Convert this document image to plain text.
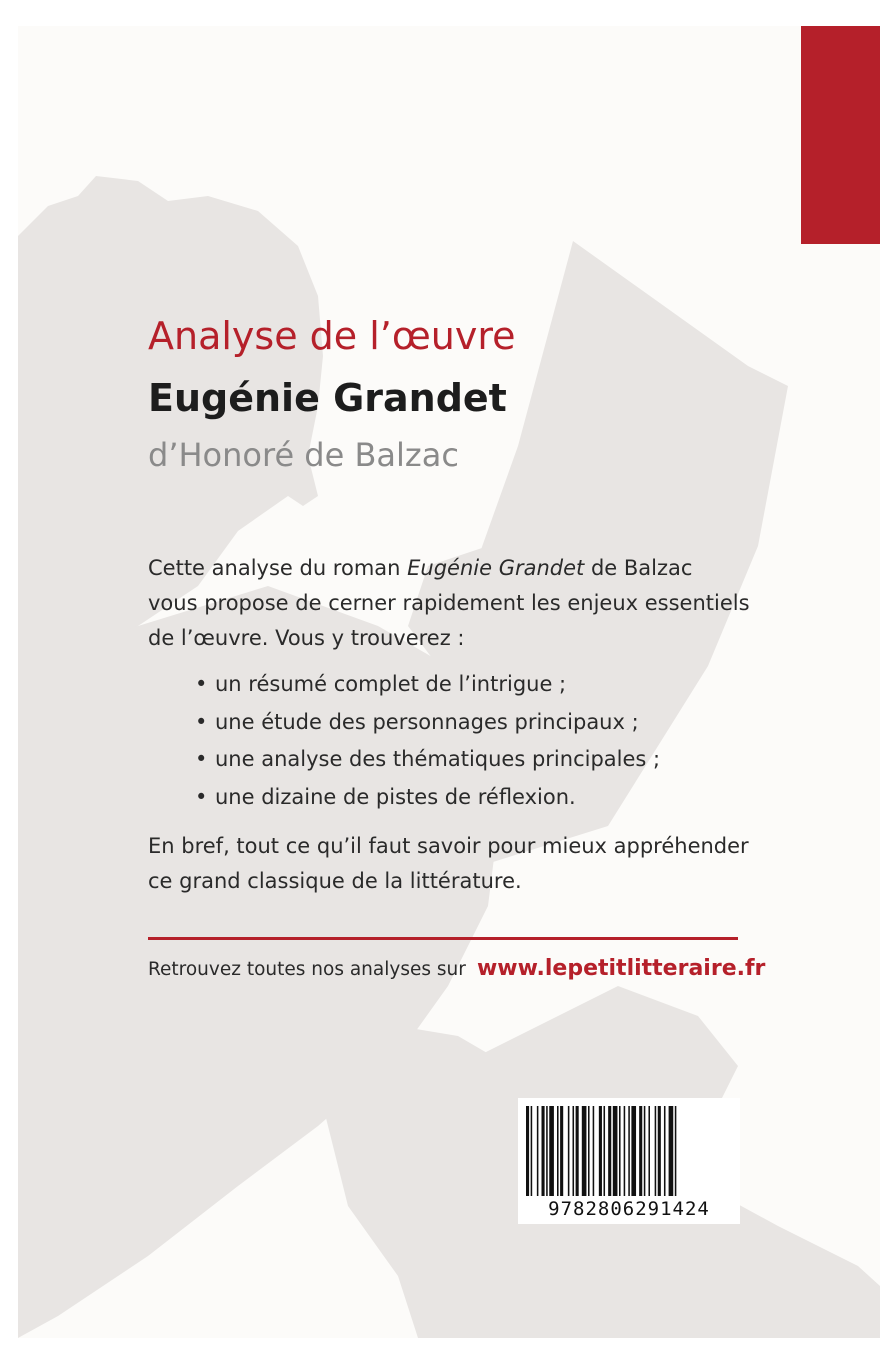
Analyse de l’œuvre
Eugénie Grandet
d’Honoré de Balzac
Cette analyse du roman Eugénie Grandet de Balzac
vous propose de cerner rapidement les enjeux essentiels
de l’œuvre. Vous y trouverez :
• un résumé complet de l’intrigue ;
• une étude des personnages principaux ;
• une analyse des thématiques principales ;
• une dizaine de pistes de réflexion.
En bref, tout ce qu’il faut savoir pour mieux appréhender
ce grand classique de la littérature.
Retrouvez toutes nos analyses sur www.lepetitlitteraire.fr
9782806291424
